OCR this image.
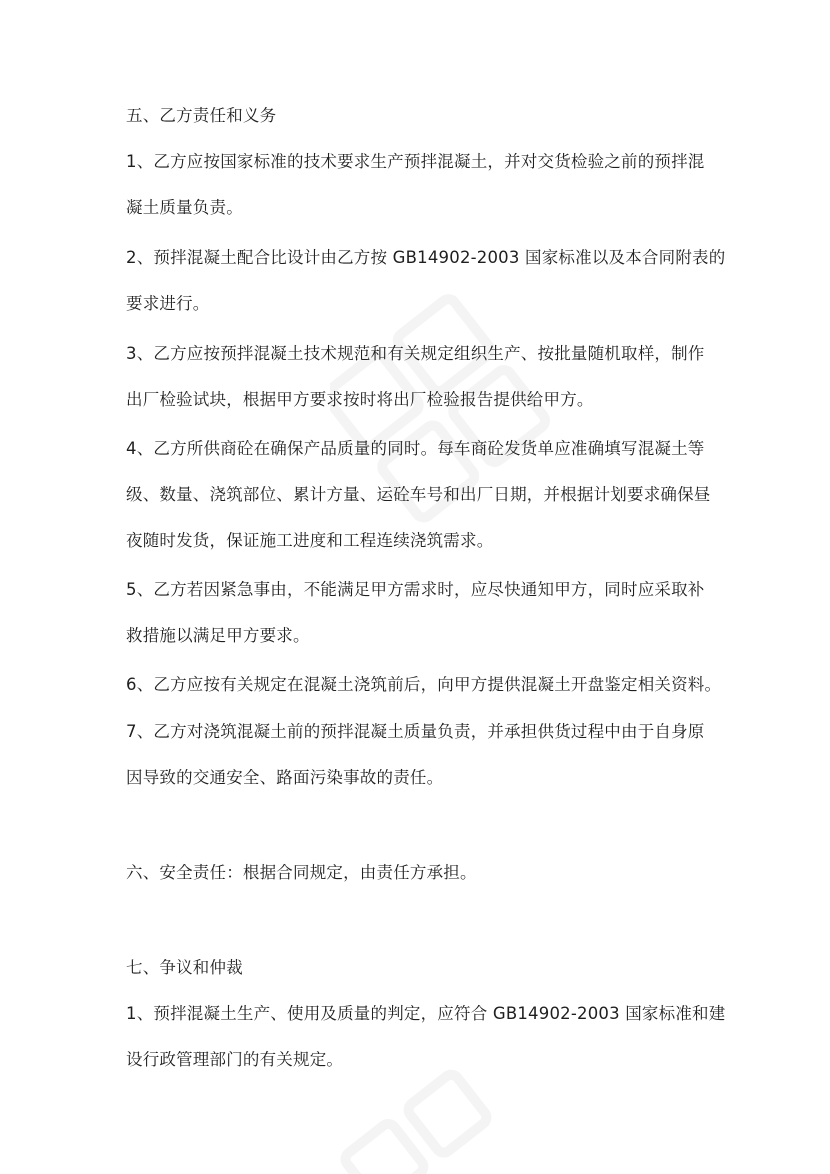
五、乙方责任和义务
1、乙方应按国家标准的技术要求生产预拌混凝土，并对交货检验之前的预拌混
凝土质量负责。
2、预拌混凝土配合比设计由乙方按 GB14902-2003 国家标准以及本合同附表的
要求进行。
3、乙方应按预拌混凝土技术规范和有关规定组织生产、按批量随机取样，制作
出厂检验试块，根据甲方要求按时将出厂检验报告提供给甲方。
4、乙方所供商砼在确保产品质量的同时。每车商砼发货单应准确填写混凝土等
级、数量、浇筑部位、累计方量、运砼车号和出厂日期，并根据计划要求确保昼
夜随时发货，保证施工进度和工程连续浇筑需求。
5、乙方若因紧急事由，不能满足甲方需求时，应尽快通知甲方，同时应采取补
救措施以满足甲方要求。
6、乙方应按有关规定在混凝土浇筑前后，向甲方提供混凝土开盘鉴定相关资料。
7、乙方对浇筑混凝土前的预拌混凝土质量负责，并承担供货过程中由于自身原
因导致的交通安全、路面污染事故的责任。
六、安全责任：根据合同规定，由责任方承担。
七、争议和仲裁
1、预拌混凝土生产、使用及质量的判定，应符合 GB14902-2003 国家标准和建
设行政管理部门的有关规定。
